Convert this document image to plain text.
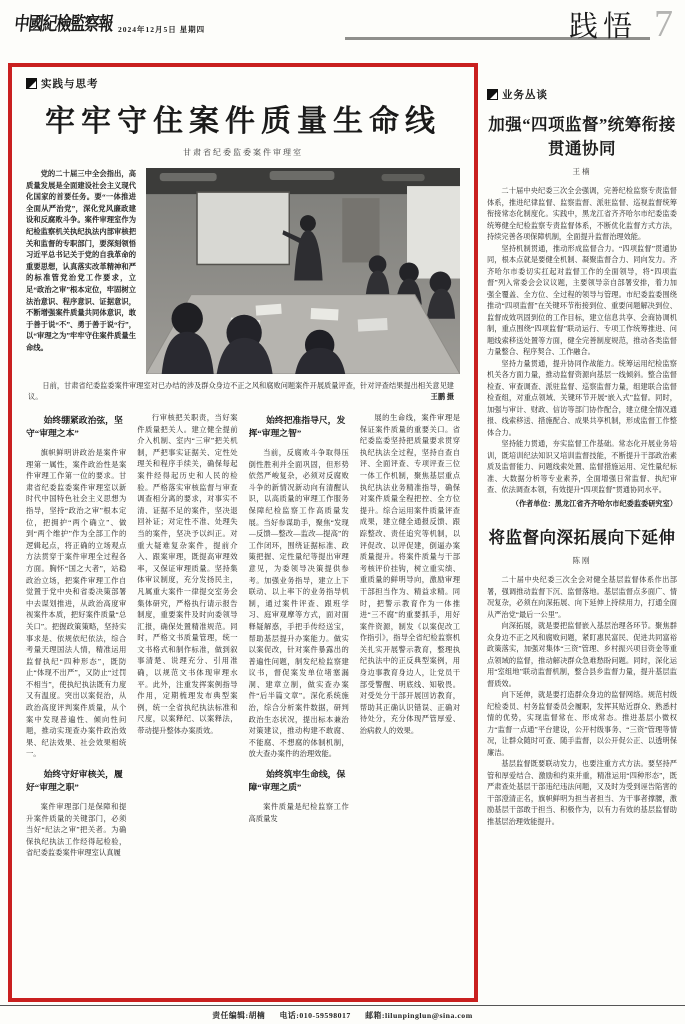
中國紀檢監察報 2024年12月5日 星期四	践悟 7
实践与思考
牢牢守住案件质量生命线
甘肃省纪委监委案件审理室

党的二十届三中全会指出，高质量发展是全面建设社会主义现代化国家的首要任务。要“一体推进全面从严治党”，深化党风廉政建设和反腐败斗争。案件审理室作为纪检监察机关执纪执法内部审核把关和监督的专职部门，要深刻领悟习近平总书记关于党的自我革命的重要思想，认真落实改革精神和严的标准管党治党工作要求，立足“政治之审”根本定位，牢固树立法治意识、程序意识、证据意识，不断增强案件质量共同体意识，敢于善于说“不”、勇于善于说“行”，以“审理之为”牢牢守住案件质量生命线。

日前，甘肃省纪委监委案件审理室对已办结的涉及群众身边不正之风和腐败问题案件开展质量评查，针对评查结果提出相关意见建议。	王鹏 摄
始终绷紧政治弦，坚守“审理之本”

旗帜鲜明讲政治是案件审理第一属性，案件政治性是案件审理工作第一位的要求。甘肃省纪委监委案件审理室以新时代中国特色社会主义思想为指导，坚持“政治之审”根本定位，把拥护“两个确立”、做到“两个维护”作为全部工作的逻辑起点，将正确的立场观点方法贯穿于案件审理全过程各方面。胸怀“国之大者”，站稳政治立场，把案件审理工作自觉置于党中央和省委决策部署中去谋划推进，从政治高度审视案件本质，把好案件质量“总关口”。把握政策策略，坚持实事求是、依规依纪依法，综合考量天理国法人情，精准运用监督执纪“四种形态”，既防止“体现不出严”，又防止“过罚不相当”，使执纪执法既有力度又有温度。突出以案促治，从政治高度评判案件质量，从个案中发现普遍性、倾向性问题，推动实现查办案件政治效果、纪法效果、社会效果相统一。

始终守好审核关，履好“审理之职”

案件审理部门是保障和提升案件质量的关键部门，必须当好“纪法之审”把关者。为确保执纪执法工作经得起检验，省纪委监委案件审理室认真履

行审核把关职责，当好案件质量把关人。建立健全提前介入机制、室内“三审”把关机制，严把事实证据关、定性处理关和程序手续关，确保每起案件经得起历史和人民的检验。严格落实审核监督与审查调查相分离的要求，对事实不清、证据不足的案件，坚决退回补证；对定性不准、处理失当的案件，坚决予以纠正。对重大疑难复杂案件，提前介入、跟案审理，既提高审理效率，又保证审理质量。坚持集体审议制度，充分发扬民主，凡属重大案件一律提交室务会集体研究，严格执行请示报告制度，重要案件及时向委领导汇报，确保处置精准规范。同时，严格文书质量管理，统一文书格式和制作标准，做到叙事清楚、说理充分、引用准确，以规范文书体现审理水平。此外，注重发挥案例指导作用，定期梳理发布典型案例，统一全省执纪执法标准和尺度，以案释纪、以案释法，带动提升整体办案质效。

始终把准指导尺，发挥“审理之智”

当前，反腐败斗争取得压倒性胜利并全面巩固，但形势依然严峻复杂，必须对反腐败斗争的新情况新动向有清醒认识，以高质量的审理工作服务保障纪检监察工作高质量发展。当好参谋助手，聚焦“发现—反馈—整改—监改—提高”的工作闭环，围绕证据标准、政策把握、定性量纪等提出审理意见，为委领导决策提供参考。加强业务指导，建立上下联动、以上率下的业务指导机制，通过案件评查、跟班学习、庭审观摩等方式，面对面释疑解惑，手把手传经送宝，帮助基层提升办案能力。做实以案促改，针对案件暴露出的普遍性问题，制发纪检监察建议书，督促案发单位堵塞漏洞、建章立制，做实查办案件“后半篇文章”。深化系统施治，综合分析案件数据，研判政治生态状况，提出标本兼治对策建议，推动构建不敢腐、不能腐、不想腐的体制机制，放大查办案件的治理效能。

始终筑牢生命线，保障“审理之质”

案件质量是纪检监察工作高质量发

展的生命线，案件审理是保证案件质量的重要关口。省纪委监委坚持把质量要求贯穿执纪执法全过程，坚持自查自评、全面评查、专项评查三位一体工作机制，聚焦基层重点执纪执法业务精准指导，确保对案件质量全程把控、全方位提升。综合运用案件质量评查成果，建立健全通报反馈、跟踪整改、责任追究等机制，以评促改、以评促建，倒逼办案质量提升。将案件质量与干部考核评价挂钩，树立重实绩、重质量的鲜明导向，激励审理干部担当作为、精益求精。同时，把警示教育作为一体推进“三不腐”的重要抓手，用好案件资源，制发《以案促改工作指引》，指导全省纪检监察机关扎实开展警示教育，整理执纪执法中的正反典型案例，用身边事教育身边人，让党员干部受警醒、明底线、知敬畏。对受处分干部开展回访教育，帮助其正确认识错误、正确对待处分，充分体现严管厚爱、治病救人的效果。

业务丛谈
加强“四项监督”统筹衔接贯通协同
王楠

二十届中央纪委三次全会强调，完善纪检监察专责监督体系，推进纪律监督、监察监督、派驻监督、巡视监督统筹衔接常态化制度化。实践中，黑龙江省齐齐哈尔市纪委监委统筹健全纪检监察专责监督体系，不断优化监督方式方法，持续完善各项保障机制，全面提升监督治理效能。

坚持机制贯通，推动形成监督合力。“四项监督”贯通协同，根本点就是要健全机制、凝聚监督合力、同向发力。齐齐哈尔市委切实扛起对监督工作的全面领导，将“四项监督”列入常委会会议议题，主要领导亲自部署安排，着力加强全覆盖、全方位、全过程的领导与管理。市纪委监委围绕推动“四项监督”在关键环节衔接到位、重要问题解决到位、监督成效巩固到位的工作目标，建立信息共享、会商协调机制，重点围绕“四项监督”联动运行、专项工作统筹推进、问题线索移送处置等方面，健全完善制度规范，推动各类监督力量整合、程序契合、工作融合。

坚持力量贯通，提升协同作战能力。统筹运用纪检监察机关各方面力量，推动监督资源向基层一线倾斜。整合监督检查、审查调查、派驻监督、巡察监督力量，组建联合监督检查组，对重点领域、关键环节开展“嵌入式”监督。同时，加强与审计、财政、信访等部门协作配合，建立健全情况通报、线索移送、措施配合、成果共享机制，形成监督工作整体合力。

坚持能力贯通，夯实监督工作基础。常态化开展业务培训，既培训纪法知识又培训监督技能，不断提升干部政治素质及监督能力、问题线索处置、监督措施运用、定性量纪标准、大数据分析等专业素养，全面增强日常监督、执纪审查、依法调查本领，有效提升“四项监督”贯通协同水平。

（作者单位：黑龙江省齐齐哈尔市纪委监委研究室）
将监督向深拓展向下延伸
陈刚

二十届中央纪委三次全会对健全基层监督体系作出部署，强调推动监督下沉、监督落地。基层监督点多面广、情况复杂，必须在向深拓展、向下延伸上持续用力，打通全面从严治党“最后一公里”。

向深拓展，就是要把监督嵌入基层治理各环节。聚焦群众身边不正之风和腐败问题，紧盯惠民富民、促进共同富裕政策落实，加强对集体“三资”管理、乡村振兴项目资金等重点领域的监督，推动解决群众急难愁盼问题。同时，深化运用“室组地”联动监督机制，整合县乡监督力量，提升基层监督质效。

向下延伸，就是要打造群众身边的监督网络。规范村级纪检委员、村务监督委员会履职，发挥其贴近群众、熟悉村情的优势，实现监督常在、形成常态。推进基层小微权力“监督一点通”平台建设，公开村级事务、“三资”管理等情况，让群众随时可查、随手监督，以公开促公正、以透明保廉洁。

基层监督既要联动发力，也要注重方式方法。要坚持严管和厚爱结合、激励和约束并重，精准运用“四种形态”，既严肃查处基层干部违纪违法问题，又及时为受到诬告陷害的干部澄清正名，旗帜鲜明为担当者担当、为干事者撑腰，激励基层干部敢于担当、积极作为，以有力有效的基层监督助推基层治理效能提升。

责任编辑:胡楠 电话:010-59598017 邮箱:lilunpinglun@sina.com
